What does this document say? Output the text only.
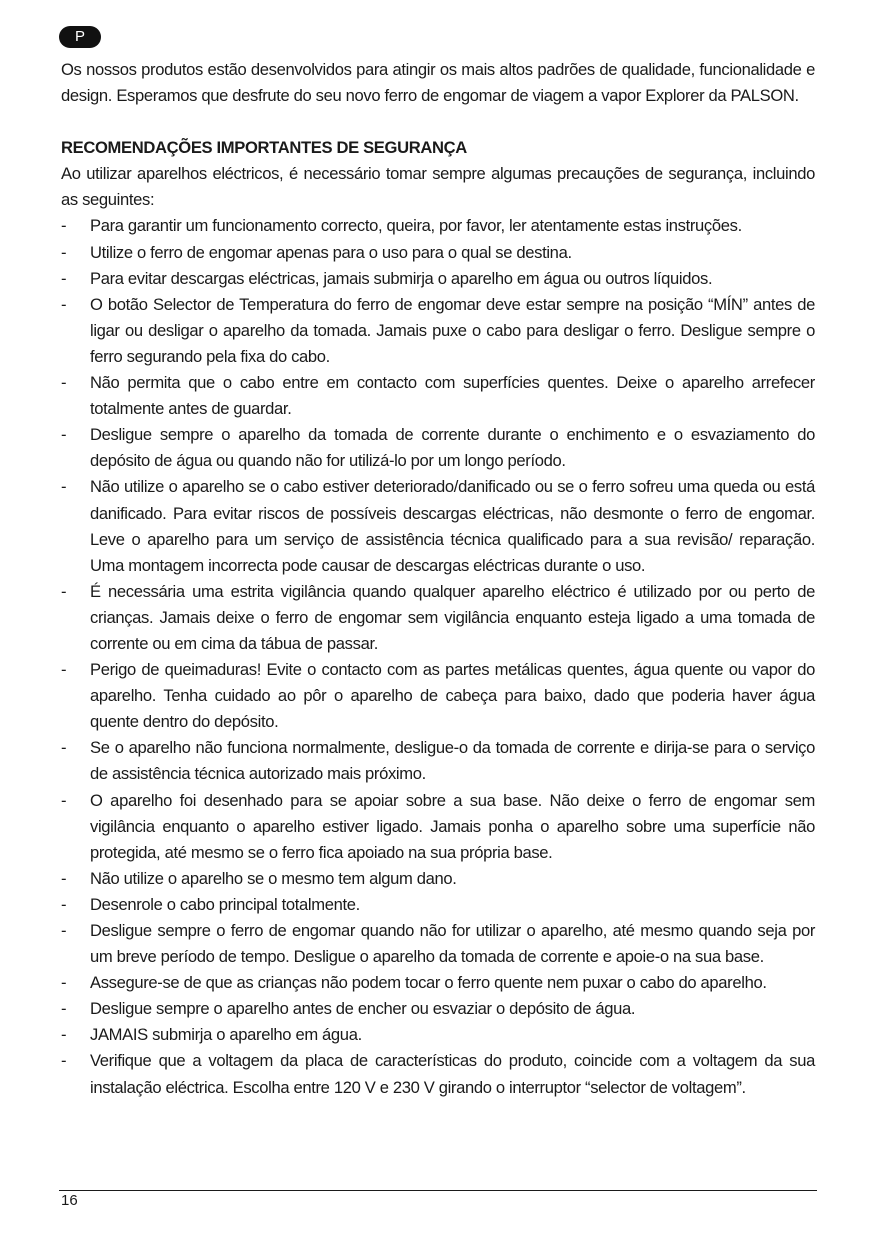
P

Os nossos produtos estão desenvolvidos para atingir os mais altos padrões de qualidade, funcionalidade e design. Esperamos que desfrute do seu novo ferro de engomar de viagem a vapor Explorer da PALSON.

RECOMENDAÇÕES IMPORTANTES DE SEGURANÇA

Ao utilizar aparelhos eléctricos, é necessário tomar sempre algumas precauções de segurança, incluindo as seguintes:

- Para garantir um funcionamento correcto, queira, por favor, ler atentamente estas instruções.
- Utilize o ferro de engomar apenas para o uso para o qual se destina.
- Para evitar descargas eléctricas, jamais submirja o aparelho em água ou outros líquidos.
- O botão Selector de Temperatura do ferro de engomar deve estar sempre na posição “MÍN” antes de ligar ou desligar o aparelho da tomada. Jamais puxe o cabo para desligar o ferro. Desligue sempre o ferro segurando pela fixa do cabo.
- Não permita que o cabo entre em contacto com superfícies quentes. Deixe o aparelho arrefecer totalmente antes de guardar.
- Desligue sempre o aparelho da tomada de corrente durante o enchimento e o esvaziamento do depósito de água ou quando não for utilizá-lo por um longo período.
- Não utilize o aparelho se o cabo estiver deteriorado/danificado ou se o ferro sofreu uma queda ou está danificado. Para evitar riscos de possíveis descargas eléctricas, não desmonte o ferro de engomar. Leve o aparelho para um serviço de assistência técnica qualificado para a sua revisão/ reparação. Uma montagem incorrecta pode causar de descargas eléctricas durante o uso.
- É necessária uma estrita vigilância quando qualquer aparelho eléctrico é utilizado por ou perto de crianças. Jamais deixe o ferro de engomar sem vigilância enquanto esteja ligado a uma tomada de corrente ou em cima da tábua de passar.
- Perigo de queimaduras! Evite o contacto com as partes metálicas quentes, água quente ou vapor do aparelho. Tenha cuidado ao pôr o aparelho de cabeça para baixo, dado que poderia haver água quente dentro do depósito.
- Se o aparelho não funciona normalmente, desligue-o da tomada de corrente e dirija-se para o serviço de assistência técnica autorizado mais próximo.
- O aparelho foi desenhado para se apoiar sobre a sua base. Não deixe o ferro de engomar sem vigilância enquanto o aparelho estiver ligado. Jamais ponha o aparelho sobre uma superfície não protegida, até mesmo se o ferro fica apoiado na sua própria base.
- Não utilize o aparelho se o mesmo tem algum dano.
- Desenrole o cabo principal totalmente.
- Desligue sempre o ferro de engomar quando não for utilizar o aparelho, até mesmo quando seja por um breve período de tempo. Desligue o aparelho da tomada de corrente e apoie-o na sua base.
- Assegure-se de que as crianças não podem tocar o ferro quente nem puxar o cabo do aparelho.
- Desligue sempre o aparelho antes de encher ou esvaziar o depósito de água.
- JAMAIS submirja o aparelho em água.
- Verifique que a voltagem da placa de características do produto, coincide com a voltagem da sua instalação eléctrica. Escolha entre 120 V e 230 V girando o interruptor “selector de voltagem”.
16
